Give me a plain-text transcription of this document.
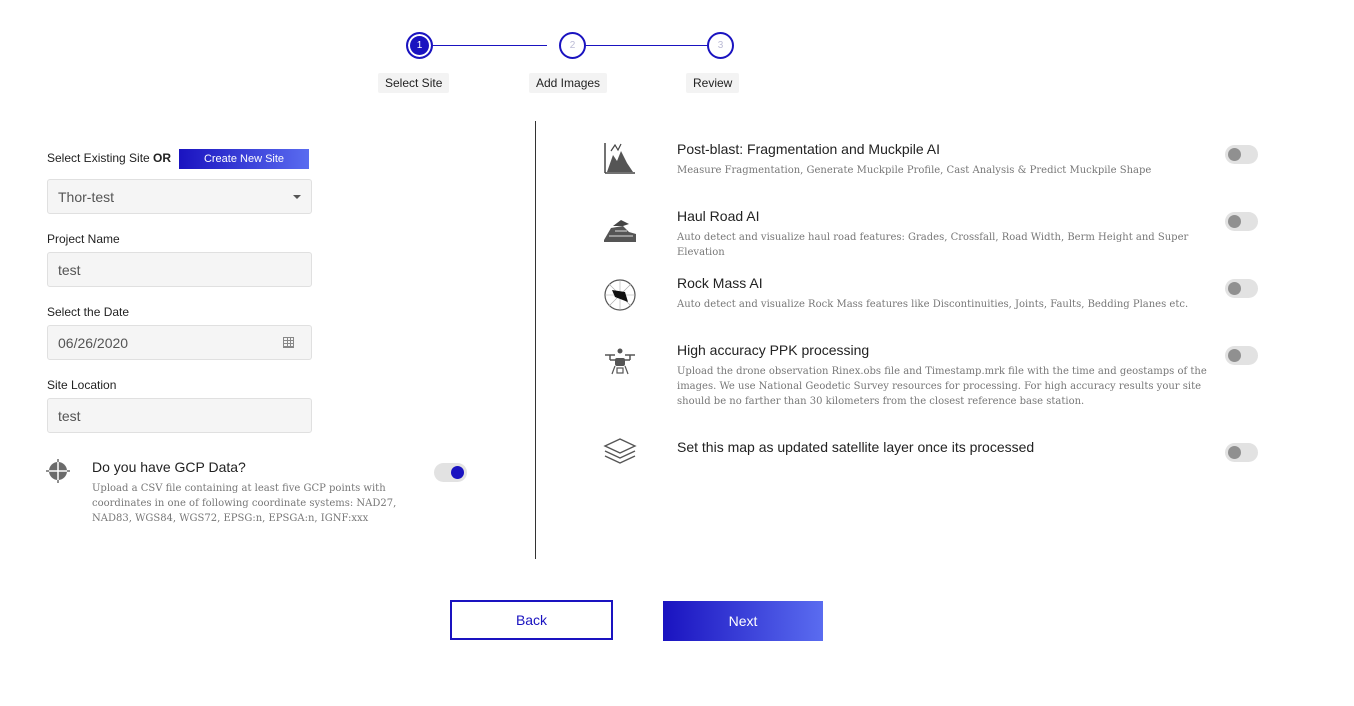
1	2	3
Select Site	Add Images	Review
Select Existing Site OR	Create New Site
Thor-test
Project Name
test
Select the Date
06/26/2020
Site Location
test
Do you have GCP Data?
Upload a CSV file containing at least five GCP points with coordinates in one of following coordinate systems: NAD27, NAD83, WGS84, WGS72, EPSG:n, EPSGA:n, IGNF:xxx
Post-blast: Fragmentation and Muckpile AI
Measure Fragmentation, Generate Muckpile Profile, Cast Analysis & Predict Muckpile Shape
Haul Road AI
Auto detect and visualize haul road features: Grades, Crossfall, Road Width, Berm Height and Super Elevation
Rock Mass AI
Auto detect and visualize Rock Mass features like Discontinuities, Joints, Faults, Bedding Planes etc.
High accuracy PPK processing
Upload the drone observation Rinex.obs file and Timestamp.mrk file with the time and geostamps of the images. We use National Geodetic Survey resources for processing. For high accuracy results your site should be no farther than 30 kilometers from the closest reference base station.
Set this map as updated satellite layer once its processed
Back	Next
